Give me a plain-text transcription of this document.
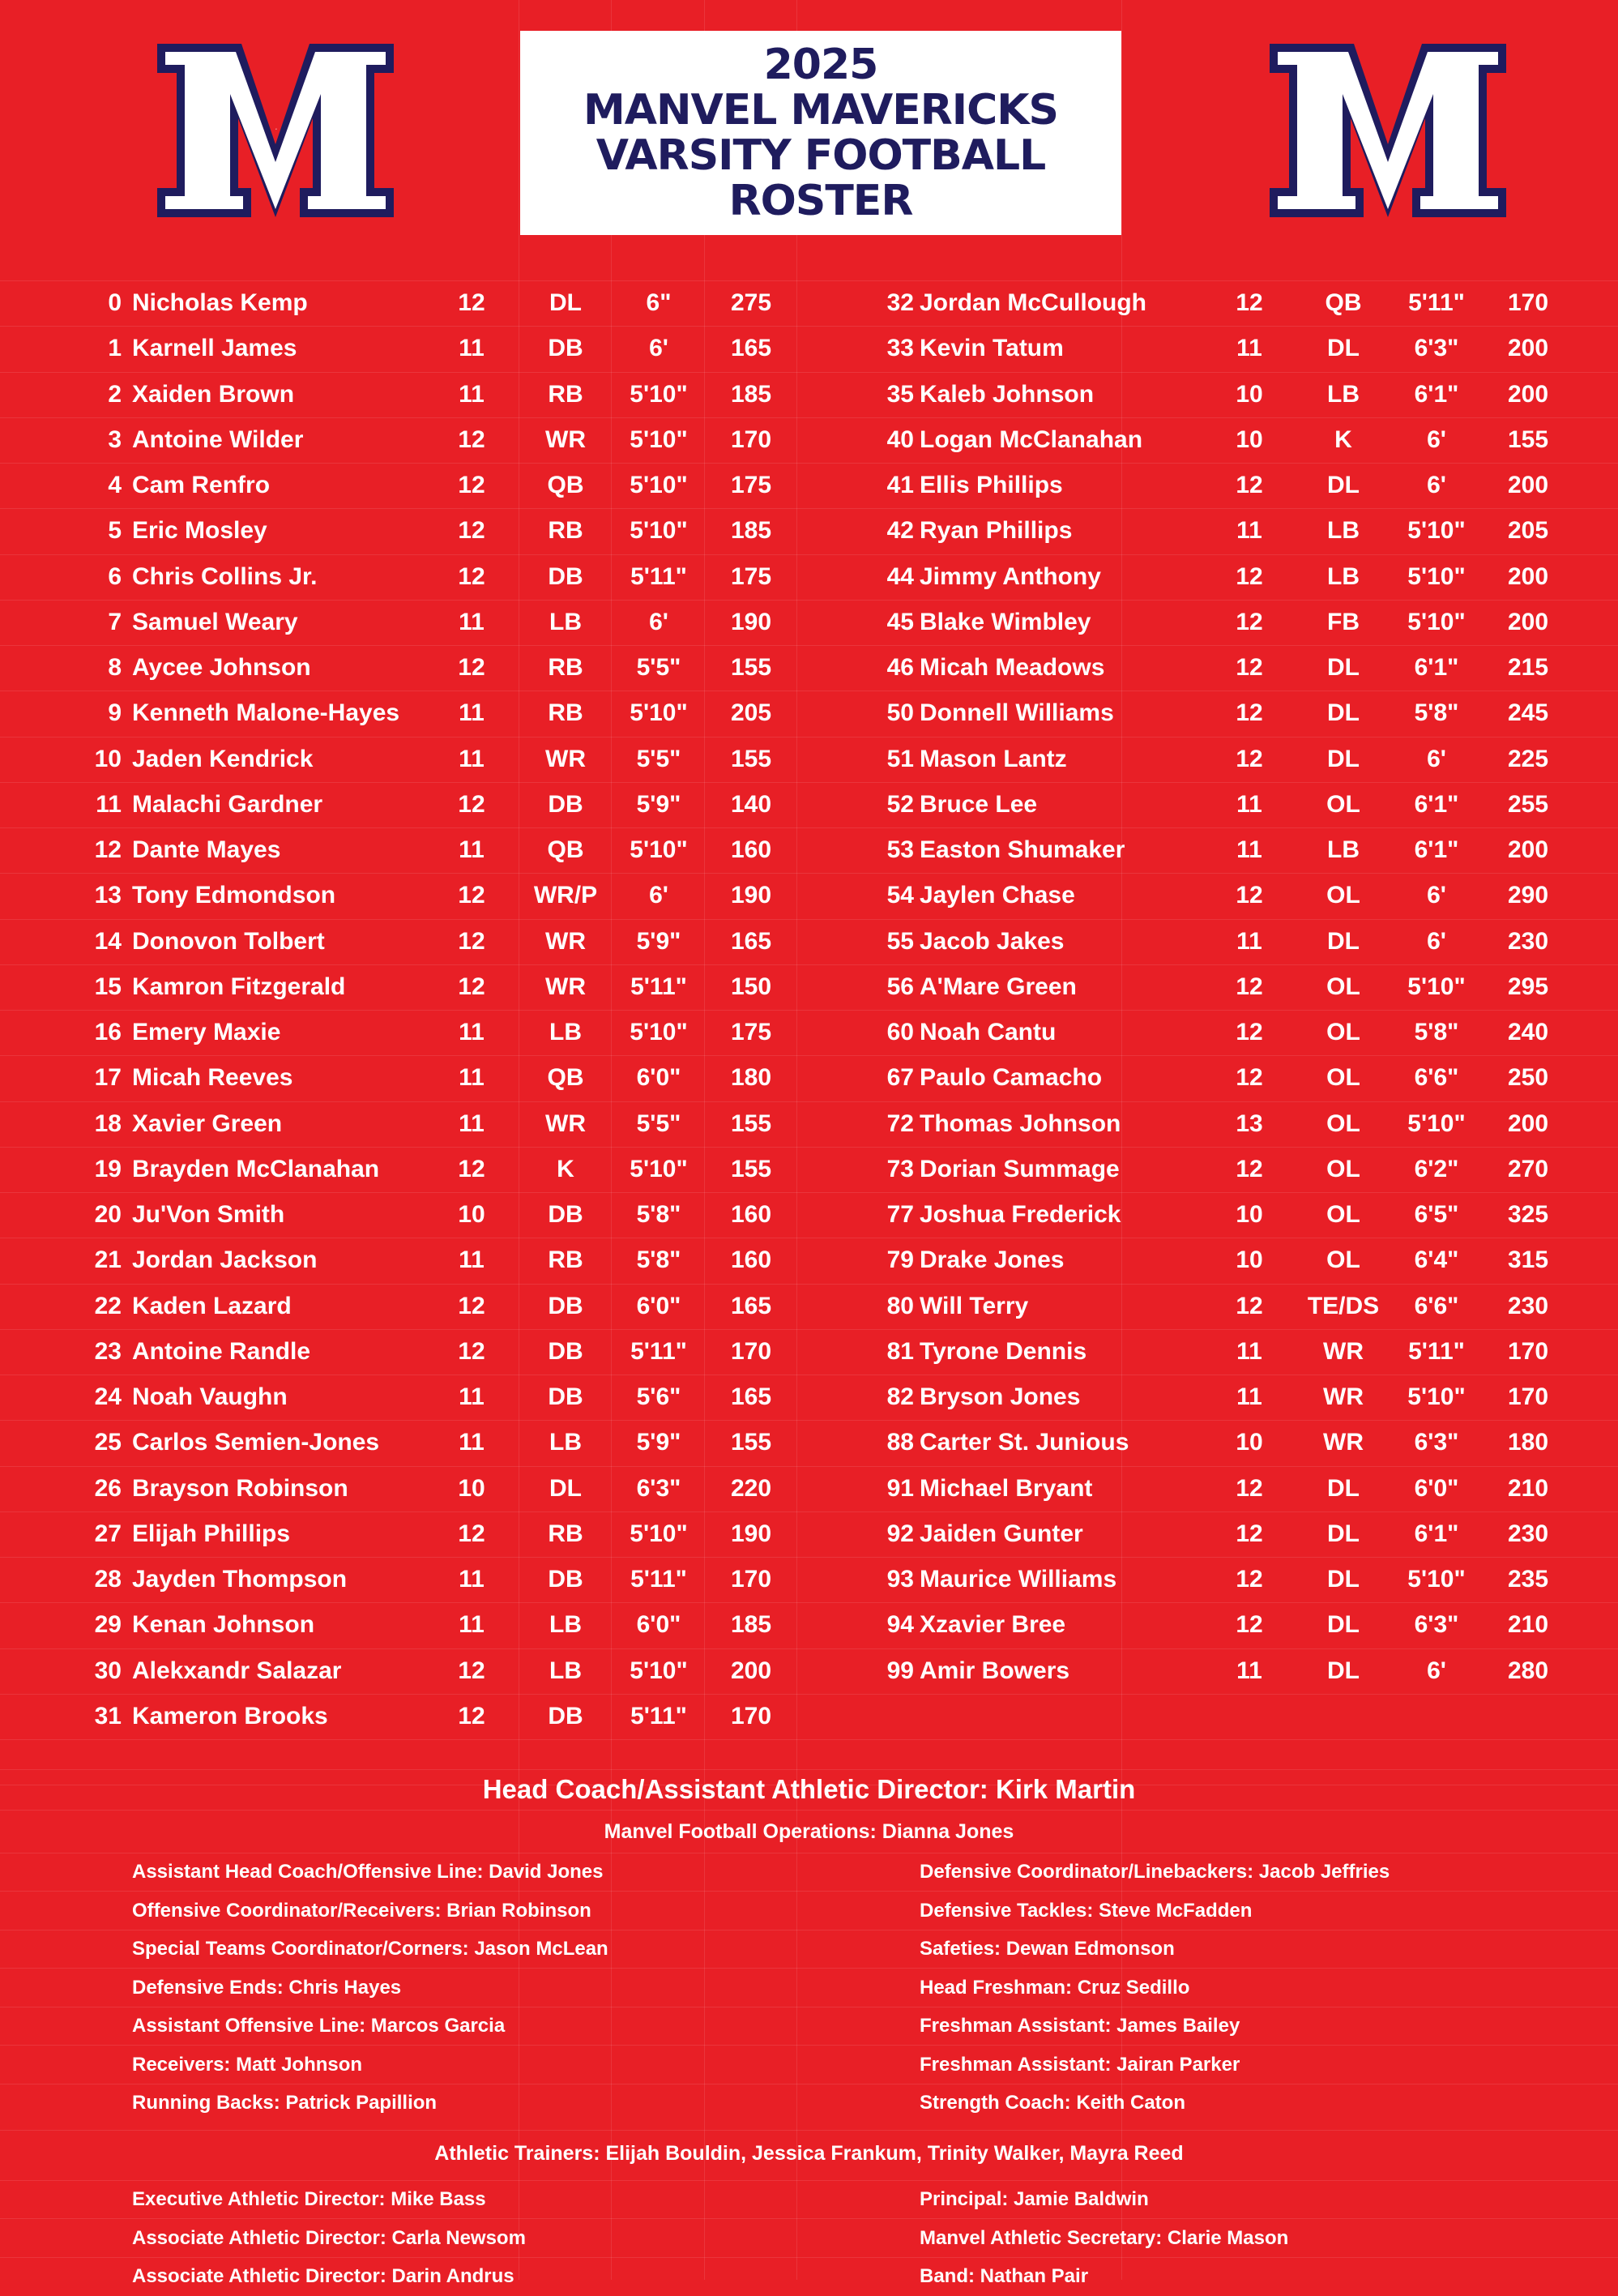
M
2025
MANVEL MAVERICKS
VARSITY FOOTBALL
ROSTER
0 Nicholas Kemp	12	DL	6"	275
1 Karnell James	11	DB	6'	165
2 Xaiden Brown	11	RB	5'10"	185
3 Antoine Wilder	12	WR	5'10"	170
4 Cam Renfro	12	QB	5'10"	175
5 Eric Mosley	12	RB	5'10"	185
6 Chris Collins Jr.	12	DB	5'11"	175
7 Samuel Weary	11	LB	6'	190
8 Aycee Johnson	12	RB	5'5"	155
9 Kenneth Malone-Hayes	11	RB	5'10"	205
10 Jaden Kendrick	11	WR	5'5"	155
11 Malachi Gardner	12	DB	5'9"	140
12 Dante Mayes	11	QB	5'10"	160
13 Tony Edmondson	12	WR/P	6'	190
14 Donovon Tolbert	12	WR	5'9"	165
15 Kamron Fitzgerald	12	WR	5'11"	150
16 Emery Maxie	11	LB	5'10"	175
17 Micah Reeves	11	QB	6'0"	180
18 Xavier Green	11	WR	5'5"	155
19 Brayden McClanahan	12	K	5'10"	155
20 Ju'Von Smith	10	DB	5'8"	160
21 Jordan Jackson	11	RB	5'8"	160
22 Kaden Lazard	12	DB	6'0"	165
23 Antoine Randle	12	DB	5'11"	170
24 Noah Vaughn	11	DB	5'6"	165
25 Carlos Semien-Jones	11	LB	5'9"	155
26 Brayson Robinson	10	DL	6'3"	220
27 Elijah Phillips	12	RB	5'10"	190
28 Jayden Thompson	11	DB	5'11"	170
29 Kenan Johnson	11	LB	6'0"	185
30 Alekxandr Salazar	12	LB	5'10"	200
31 Kameron Brooks	12	DB	5'11"	170
32 Jordan McCullough	12	QB	5'11"	170
33 Kevin Tatum	11	DL	6'3"	200
35 Kaleb Johnson	10	LB	6'1"	200
40 Logan McClanahan	10	K	6'	155
41 Ellis Phillips	12	DL	6'	200
42 Ryan Phillips	11	LB	5'10"	205
44 Jimmy Anthony	12	LB	5'10"	200
45 Blake Wimbley	12	FB	5'10"	200
46 Micah Meadows	12	DL	6'1"	215
50 Donnell Williams	12	DL	5'8"	245
51 Mason Lantz	12	DL	6'	225
52 Bruce Lee	11	OL	6'1"	255
53 Easton Shumaker	11	LB	6'1"	200
54 Jaylen Chase	12	OL	6'	290
55 Jacob Jakes	11	DL	6'	230
56 A'Mare Green	12	OL	5'10"	295
60 Noah Cantu	12	OL	5'8"	240
67 Paulo Camacho	12	OL	6'6"	250
72 Thomas Johnson	13	OL	5'10"	200
73 Dorian Summage	12	OL	6'2"	270
77 Joshua Frederick	10	OL	6'5"	325
79 Drake Jones	10	OL	6'4"	315
80 Will Terry	12	TE/DS	6'6"	230
81 Tyrone Dennis	11	WR	5'11"	170
82 Bryson Jones	11	WR	5'10"	170
88 Carter St. Junious	10	WR	6'3"	180
91 Michael Bryant	12	DL	6'0"	210
92 Jaiden Gunter	12	DL	6'1"	230
93 Maurice Williams	12	DL	5'10"	235
94 Xzavier Bree	12	DL	6'3"	210
99 Amir Bowers	11	DL	6'	280
Head Coach/Assistant Athletic Director: Kirk Martin
Manvel Football Operations: Dianna Jones
Assistant Head Coach/Offensive Line: David Jones
Offensive Coordinator/Receivers: Brian Robinson
Special Teams Coordinator/Corners: Jason McLean
Defensive Ends: Chris Hayes
Assistant Offensive Line: Marcos Garcia
Receivers: Matt Johnson
Running Backs: Patrick Papillion
Defensive Coordinator/Linebackers: Jacob Jeffries
Defensive Tackles: Steve McFadden
Safeties: Dewan Edmonson
Head Freshman: Cruz Sedillo
Freshman Assistant: James Bailey
Freshman Assistant: Jairan Parker
Strength Coach: Keith Caton
Athletic Trainers: Elijah Bouldin, Jessica Frankum, Trinity Walker, Mayra Reed
Executive Athletic Director: Mike Bass
Associate Athletic Director: Carla Newsom
Associate Athletic Director: Darin Andrus
Principal: Jamie Baldwin
Manvel Athletic Secretary: Clarie Mason
Band: Nathan Pair
